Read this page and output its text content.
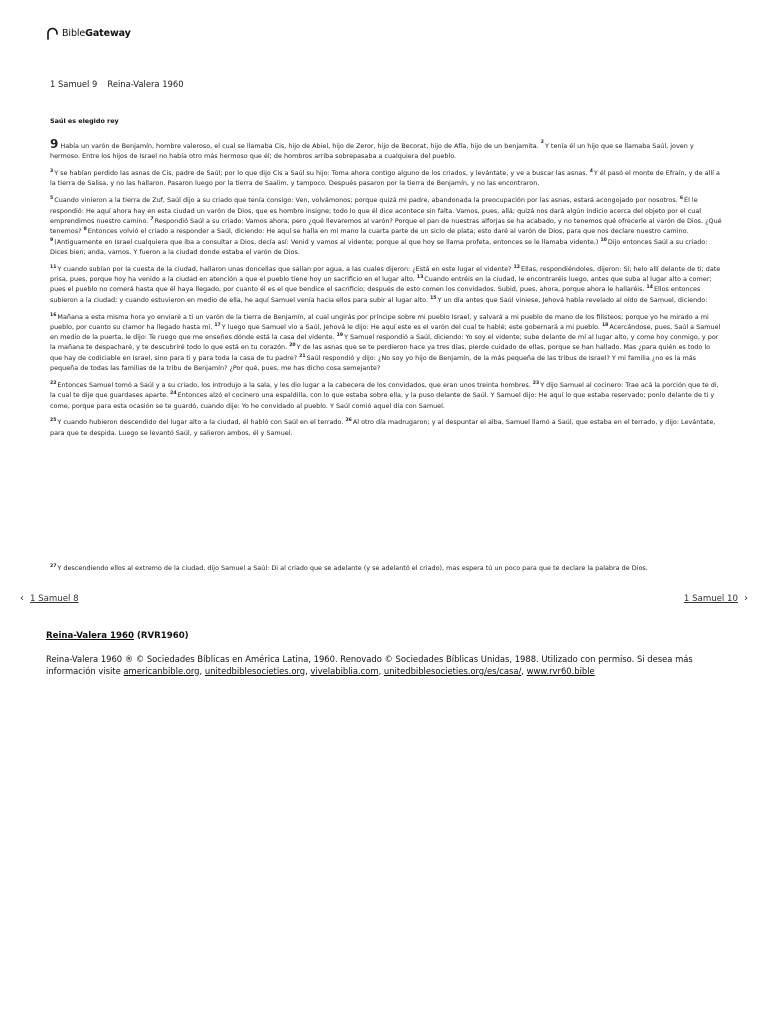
BibleGateway
1 Samuel 9 Reina-Valera 1960
Saúl es elegido rey

9 Había un varón de Benjamín, hombre valeroso, el cual se llamaba Cis, hijo de Abiel, hijo de Zeror, hijo de Becorat, hijo de Afía, hijo de un benjamita. $^2$Y tenía él un hijo que se llamaba Saúl, joven y hermoso. Entre los hijos de Israel no había otro más hermoso que él; de hombros arriba sobrepasaba a cualquiera del pueblo.

$^3$Y se habían perdido las asnas de Cis, padre de Saúl; por lo que dijo Cis a Saúl su hijo: Toma ahora contigo alguno de los criados, y levántate, y ve a buscar las asnas. $^4$Y él pasó el monte de Efraín, y de allí a la tierra de Salisa, y no las hallaron. Pasaron luego por la tierra de Saalim, y tampoco. Después pasaron por la tierra de Benjamín, y no las encontraron.

$^5$Cuando vinieron a la tierra de Zuf, Saúl dijo a su criado que tenía consigo: Ven, volvámonos; porque quizá mi padre, abandonada la preocupación por las asnas, estará acongojado por nosotros. $^6$Él le respondió: He aquí ahora hay en esta ciudad un varón de Dios, que es hombre insigne; todo lo que él dice acontece sin falta. Vamos, pues, allá; quizá nos dará algún indicio acerca del objeto por el cual emprendimos nuestro camino. $^7$Respondió Saúl a su criado: Vamos ahora; pero ¿qué llevaremos al varón? Porque el pan de nuestras alforjas se ha acabado, y no tenemos qué ofrecerle al varón de Dios. ¿Qué tenemos? $^8$Entonces volvió el criado a responder a Saúl, diciendo: He aquí se halla en mi mano la cuarta parte de un siclo de plata; esto daré al varón de Dios, para que nos declare nuestro camino. $^9$(Antiguamente en Israel cualquiera que iba a consultar a Dios, decía así: Venid y vamos al vidente; porque al que hoy se llama profeta, entonces se le llamaba vidente.) $^{10}$Dijo entonces Saúl a su criado: Dices bien; anda, vamos. Y fueron a la ciudad donde estaba el varón de Dios.

$^{11}$Y cuando subían por la cuesta de la ciudad, hallaron unas doncellas que salían por agua, a las cuales dijeron: ¿Está en este lugar el vidente? $^{12}$Ellas, respondiéndoles, dijeron: Sí; helo allí delante de ti; date prisa, pues, porque hoy ha venido a la ciudad en atención a que el pueblo tiene hoy un sacrificio en el lugar alto. $^{13}$Cuando entréis en la ciudad, le encontraréis luego, antes que suba al lugar alto a comer; pues el pueblo no comerá hasta que él haya llegado, por cuanto él es el que bendice el sacrificio; después de esto comen los convidados. Subid, pues, ahora, porque ahora le hallaréis. $^{14}$Ellos entonces subieron a la ciudad; y cuando estuvieron en medio de ella, he aquí Samuel venía hacia ellos para subir al lugar alto. $^{15}$Y un día antes que Saúl viniese, Jehová había revelado al oído de Samuel, diciendo:

$^{16}$Mañana a esta misma hora yo enviaré a ti un varón de la tierra de Benjamín, al cual ungirás por príncipe sobre mi pueblo Israel, y salvará a mi pueblo de mano de los filisteos; porque yo he mirado a mi pueblo, por cuanto su clamor ha llegado hasta mí. $^{17}$Y luego que Samuel vio a Saúl, Jehová le dijo: He aquí este es el varón del cual te hablé; este gobernará a mi pueblo. $^{18}$Acercándose, pues, Saúl a Samuel en medio de la puerta, le dijo: Te ruego que me enseñes dónde está la casa del vidente. $^{19}$Y Samuel respondió a Saúl, diciendo: Yo soy el vidente; sube delante de mí al lugar alto, y come hoy conmigo, y por la mañana te despacharé, y te descubriré todo lo que está en tu corazón. $^{20}$Y de las asnas que se te perdieron hace ya tres días, pierde cuidado de ellas, porque se han hallado. Mas ¿para quién es todo lo que hay de codiciable en Israel, sino para ti y para toda la casa de tu padre? $^{21}$Saúl respondió y dijo: ¿No soy yo hijo de Benjamín, de la más pequeña de las tribus de Israel? Y mi familia ¿no es la más pequeña de todas las familias de la tribu de Benjamín? ¿Por qué, pues, me has dicho cosa semejante?

$^{22}$Entonces Samuel tomó a Saúl y a su criado, los introdujo a la sala, y les dio lugar a la cabecera de los convidados, que eran unos treinta hombres. $^{23}$Y dijo Samuel al cocinero: Trae acá la porción que te di, la cual te dije que guardases aparte. $^{24}$Entonces alzó el cocinero una espaldilla, con lo que estaba sobre ella, y la puso delante de Saúl. Y Samuel dijo: He aquí lo que estaba reservado; ponlo delante de ti y come, porque para esta ocasión se te guardó, cuando dije: Yo he convidado al pueblo. Y Saúl comió aquel día con Samuel.

$^{25}$Y cuando hubieron descendido del lugar alto a la ciudad, él habló con Saúl en el terrado. $^{26}$Al otro día madrugaron; y al despuntar el alba, Samuel llamó a Saúl, que estaba en el terrado, y dijo: Levántate, para que te despida. Luego se levantó Saúl, y salieron ambos, él y Samuel.

$^{27}$Y descendiendo ellos al extremo de la ciudad, dijo Samuel a Saúl: Di al criado que se adelante (y se adelantó el criado), mas espera tú un poco para que te declare la palabra de Dios.
‹ 1 Samuel 8	1 Samuel 10 ›
Reina-Valera 1960 (RVR1960)
Reina-Valera 1960 ® © Sociedades Bíblicas en América Latina, 1960. Renovado © Sociedades Bíblicas Unidas, 1988. Utilizado con permiso. Si desea más información visite americanbible.org, unitedbiblesocieties.org, vivelabiblia.com, unitedbiblesocieties.org/es/casa/, www.rvr60.bible
